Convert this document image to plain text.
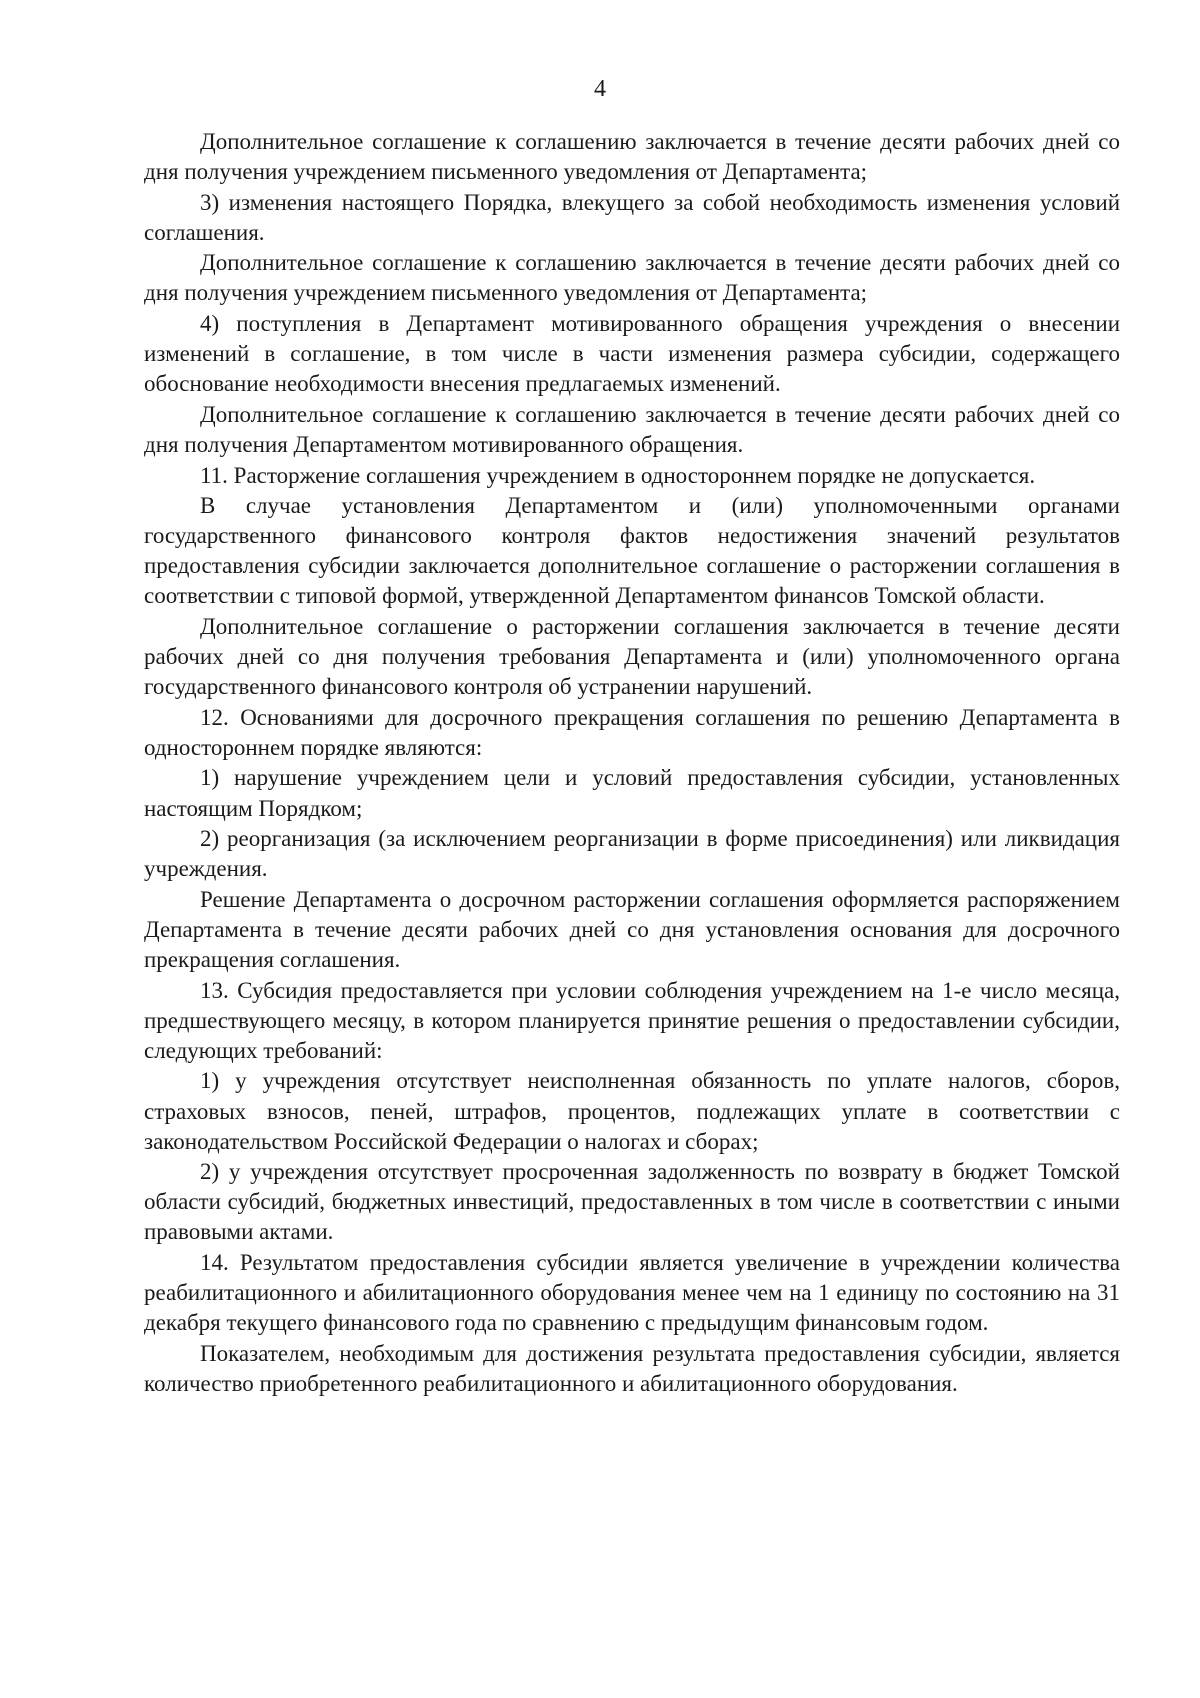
4

Дополнительное соглашение к соглашению заключается в течение десяти рабочих дней со дня получения учреждением письменного уведомления от Департамента;

3) изменения настоящего Порядка, влекущего за собой необходимость изменения условий соглашения.

Дополнительное соглашение к соглашению заключается в течение десяти рабочих дней со дня получения учреждением письменного уведомления от Департамента;

4) поступления в Департамент мотивированного обращения учреждения о внесении изменений в соглашение, в том числе в части изменения размера субсидии, содержащего обоснование необходимости внесения предлагаемых изменений.

Дополнительное соглашение к соглашению заключается в течение десяти рабочих дней со дня получения Департаментом мотивированного обращения.

11. Расторжение соглашения учреждением в одностороннем порядке не допускается.

В случае установления Департаментом и (или) уполномоченными органами государственного финансового контроля фактов недостижения значений результатов предоставления субсидии заключается дополнительное соглашение о расторжении соглашения в соответствии с типовой формой, утвержденной Департаментом финансов Томской области.

Дополнительное соглашение о расторжении соглашения заключается в течение десяти рабочих дней со дня получения требования Департамента и (или) уполномоченного органа государственного финансового контроля об устранении нарушений.

12. Основаниями для досрочного прекращения соглашения по решению Департамента в одностороннем порядке являются:

1) нарушение учреждением цели и условий предоставления субсидии, установленных настоящим Порядком;

2) реорганизация (за исключением реорганизации в форме присоединения) или ликвидация учреждения.

Решение Департамента о досрочном расторжении соглашения оформляется распоряжением Департамента в течение десяти рабочих дней со дня установления основания для досрочного прекращения соглашения.

13. Субсидия предоставляется при условии соблюдения учреждением на 1-е число месяца, предшествующего месяцу, в котором планируется принятие решения о предоставлении субсидии, следующих требований:

1) у учреждения отсутствует неисполненная обязанность по уплате налогов, сборов, страховых взносов, пеней, штрафов, процентов, подлежащих уплате в соответствии с законодательством Российской Федерации о налогах и сборах;

2) у учреждения отсутствует просроченная задолженность по возврату в бюджет Томской области субсидий, бюджетных инвестиций, предоставленных в том числе в соответствии с иными правовыми актами.

14. Результатом предоставления субсидии является увеличение в учреждении количества реабилитационного и абилитационного оборудования менее чем на 1 единицу по состоянию на 31 декабря текущего финансового года по сравнению с предыдущим финансовым годом.

Показателем, необходимым для достижения результата предоставления субсидии, является количество приобретенного реабилитационного и абилитационного оборудования.
